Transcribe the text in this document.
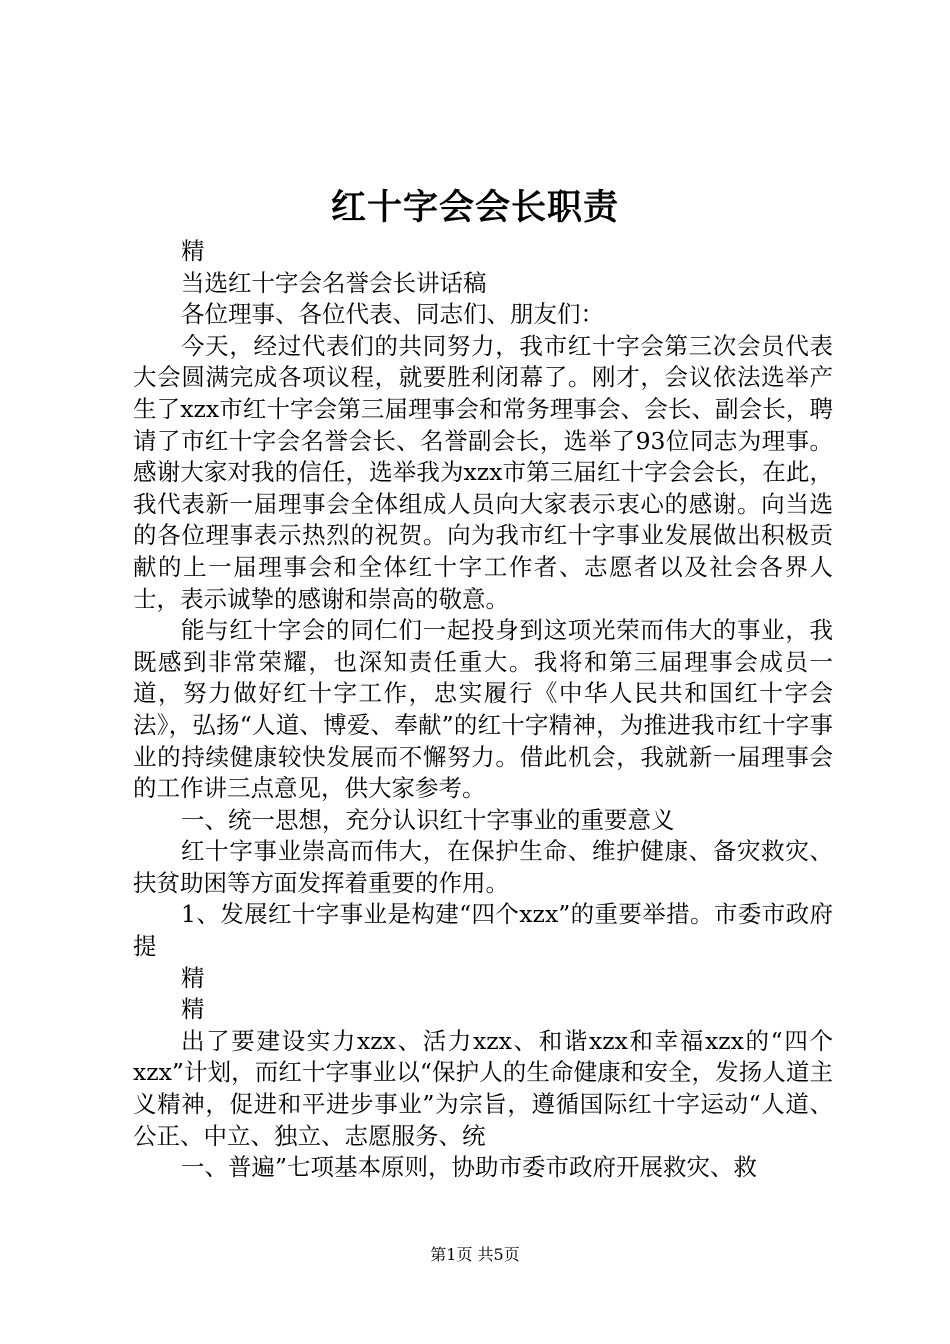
红十字会会长职责

精

当选红十字会名誉会长讲话稿

各位理事、各位代表、同志们、朋友们：

今天，经过代表们的共同努力，我市红十字会第三次会员代表大会圆满完成各项议程，就要胜利闭幕了。刚才，会议依法选举产生了xzx市红十字会第三届理事会和常务理事会、会长、副会长，聘请了市红十字会名誉会长、名誉副会长，选举了93位同志为理事。感谢大家对我的信任，选举我为xzx市第三届红十字会会长，在此，我代表新一届理事会全体组成人员向大家表示衷心的感谢。向当选的各位理事表示热烈的祝贺。向为我市红十字事业发展做出积极贡献的上一届理事会和全体红十字工作者、志愿者以及社会各界人士，表示诚挚的感谢和崇高的敬意。

能与红十字会的同仁们一起投身到这项光荣而伟大的事业，我既感到非常荣耀，也深知责任重大。我将和第三届理事会成员一道，努力做好红十字工作，忠实履行《中华人民共和国红十字会法》，弘扬“人道、博爱、奉献”的红十字精神，为推进我市红十字事业的持续健康较快发展而不懈努力。借此机会，我就新一届理事会的工作讲三点意见，供大家参考。

一、统一思想，充分认识红十字事业的重要意义

红十字事业崇高而伟大，在保护生命、维护健康、备灾救灾、扶贫助困等方面发挥着重要的作用。

1、发展红十字事业是构建“四个xzx”的重要举措。市委市政府提

精

精

出了要建设实力xzx、活力xzx、和谐xzx和幸福xzx的“四个xzx”计划，而红十字事业以“保护人的生命健康和安全，发扬人道主义精神，促进和平进步事业”为宗旨，遵循国际红十字运动“人道、公正、中立、独立、志愿服务、统

一、普遍”七项基本原则，协助市委市政府开展救灾、救

第1页 共5页
